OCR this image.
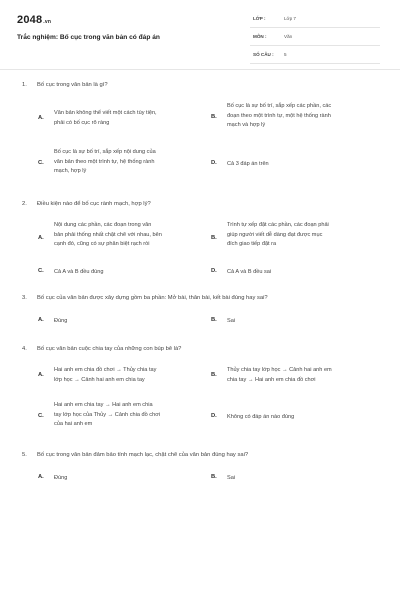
2048.vn
Trắc nghiệm: Bố cục trong văn bản có đáp án
LỚP :	Lớp 7
MÔN :	Văn
SỐ CÂU : 5
1. Bố cục trong văn bản là gì?
A.
Văn bản không thể viết một cách tùy tiện,
phải có bố cục rõ ràng
B.
Bố cục là sự bố trí, sắp xếp các phần, các
đoạn theo một trình tự, một hệ thống rành
mạch và hợp lý
C.
Bố cục là sự bố trí, sắp xếp nội dung của
văn bản theo một trình tự, hệ thống rành
mạch, hợp lý
D. Cả 3 đáp án trên
2. Điều kiện nào để bố cục rành mạch, hợp lý?
A.
Nội dung các phần, các đoạn trong văn
bản phải thống nhất chặt chẽ với nhau, bên
cạnh đó, cũng có sự phân biệt rạch ròi
B.
Trình tự xếp đặt các phần, các đoạn phải
giúp người viết dễ dàng đạt được mục
đích giao tiếp đặt ra
C. Cả A và B đều đúng	D. Cả A và B đều sai
3. Bố cục của văn bản được xây dựng gồm ba phần: Mở bài, thân bài, kết bài đúng hay sai?
A. Đúng	B. Sai
4. Bố cục văn bản cuộc chia tay của những con búp bê là?
A.
Hai anh em chia đồ chơi → Thủy chia tay
lớp học → Cảnh hai anh em chia tay
B.
Thủy chia tay lớp học → Cảnh hai anh em
chia tay → Hai anh em chia đồ chơi
C.
Hai anh em chia tay → Hai anh em chia
tay lớp học của Thủy → Cảnh chia đồ chơi
của hai anh em
D. Không có đáp án nào đúng
5. Bố cục trong văn bản đảm bảo tính mạch lạc, chặt chẽ của văn bản đúng hay sai?
A. Đúng	B. Sai
